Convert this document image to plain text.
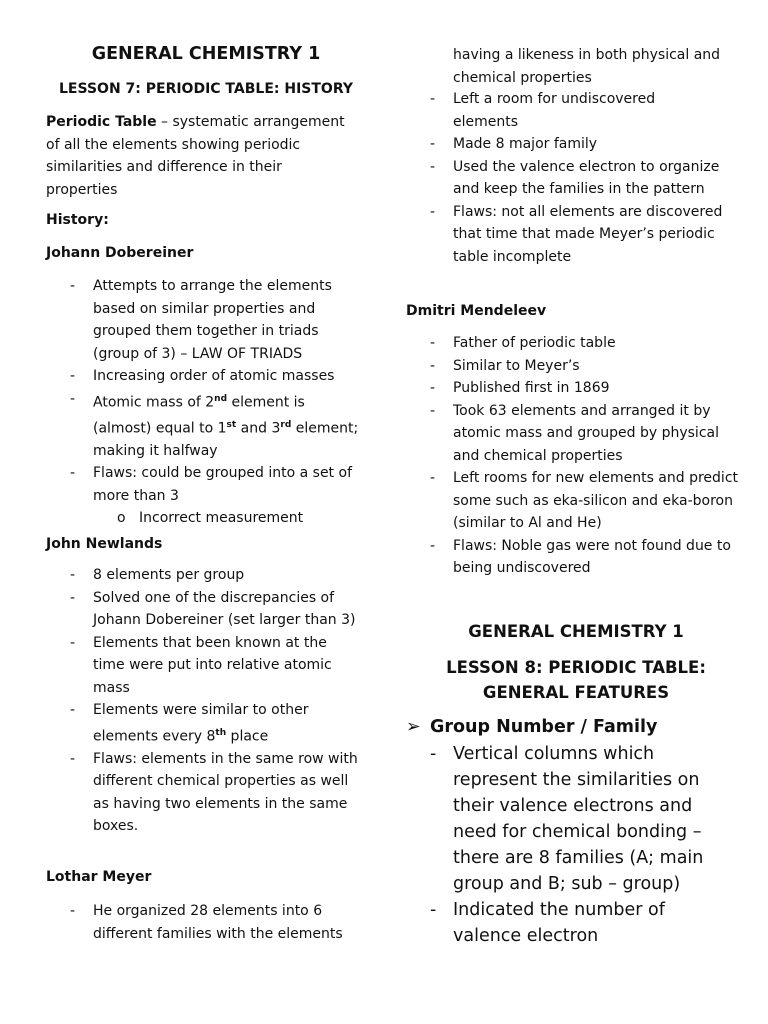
GENERAL CHEMISTRY 1
LESSON 7: PERIODIC TABLE: HISTORY

Periodic Table – systematic arrangement of all the elements showing periodic similarities and difference in their properties

History:
Johann Dobereiner
- Attempts to arrange the elements based on similar properties and grouped them together in triads (group of 3) – LAW OF TRIADS
- Increasing order of atomic masses
- Atomic mass of 2nd element is (almost) equal to 1st and 3rd element; making it halfway
- Flaws: could be grouped into a set of more than 3
o Incorrect measurement
John Newlands
- 8 elements per group
- Solved one of the discrepancies of Johann Dobereiner (set larger than 3)
- Elements that been known at the time were put into relative atomic mass
- Elements were similar to other elements every 8th place
- Flaws: elements in the same row with different chemical properties as well as having two elements in the same boxes.
Lothar Meyer
- He organized 28 elements into 6 different families with the elements

having a likeness in both physical and chemical properties

- Left a room for undiscovered elements
- Made 8 major family
- Used the valence electron to organize and keep the families in the pattern
- Flaws: not all elements are discovered that time that made Meyer’s periodic table incomplete
Dmitri Mendeleev
- Father of periodic table
- Similar to Meyer’s
- Published first in 1869
- Took 63 elements and arranged it by atomic mass and grouped by physical and chemical properties
- Left rooms for new elements and predict some such as eka-silicon and eka-boron (similar to Al and He)
- Flaws: Noble gas were not found due to being undiscovered
GENERAL CHEMISTRY 1
LESSON 8: PERIODIC TABLE:
GENERAL FEATURES
➢ Group Number / Family
- Vertical columns which represent the similarities on their valence electrons and need for chemical bonding – there are 8 families (A; main group and B; sub – group)
- Indicated the number of valence electron
